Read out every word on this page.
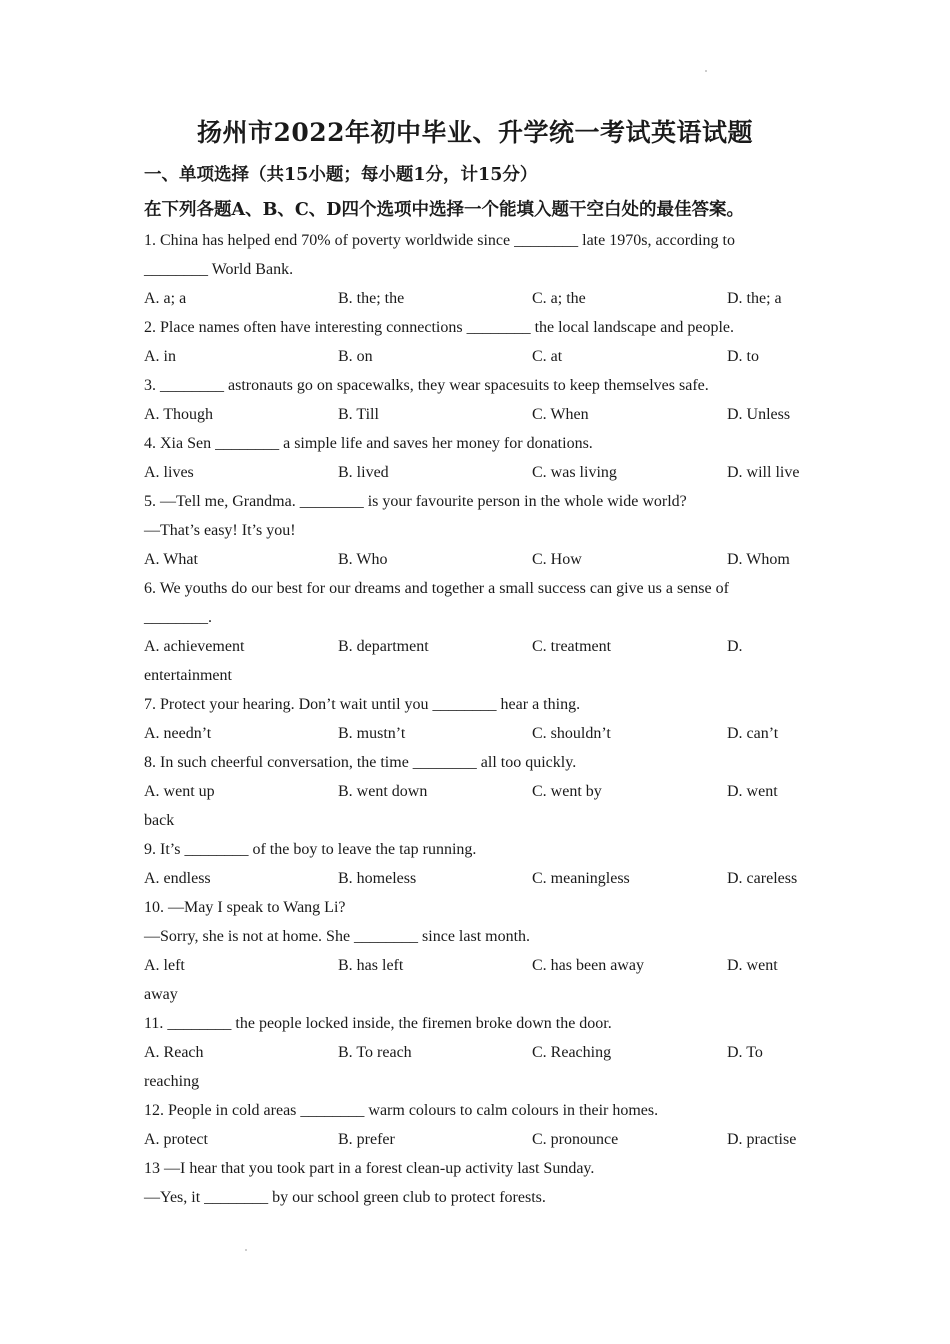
扬州市2022年初中毕业、升学统一考试英语试题
一、单项选择（共15小题；每小题1分，计15分）
在下列各题A、B、C、D四个选项中选择一个能填入题干空白处的最佳答案。
1. China has helped end 70% of poverty worldwide since ________ late 1970s, according to
________ World Bank.
A. a; a	B. the; the	C. a; the	D. the; a
2. Place names often have interesting connections ________ the local landscape and people.
A. in	B. on	C. at	D. to
3. ________ astronauts go on spacewalks, they wear spacesuits to keep themselves safe.
A. Though	B. Till	C. When	D. Unless
4. Xia Sen ________ a simple life and saves her money for donations.
A. lives	B. lived	C. was living	D. will live
5. —Tell me, Grandma. ________ is your favourite person in the whole wide world?
—That’s easy! It’s you!
A. What	B. Who	C. How	D. Whom
6. We youths do our best for our dreams and together a small success can give us a sense of
________.
A. achievement	B. department	C. treatment	D.
entertainment
7. Protect your hearing. Don’t wait until you ________ hear a thing.
A. needn’t	B. mustn’t	C. shouldn’t	D. can’t
8. In such cheerful conversation, the time ________ all too quickly.
A. went up	B. went down	C. went by	D. went
back
9. It’s ________ of the boy to leave the tap running.
A. endless	B. homeless	C. meaningless	D. careless
10. —May I speak to Wang Li?
—Sorry, she is not at home. She ________ since last month.
A. left	B. has left	C. has been away	D. went
away
11. ________ the people locked inside, the firemen broke down the door.
A. Reach	B. To reach	C. Reaching	D. To
reaching
12. People in cold areas ________ warm colours to calm colours in their homes.
A. protect	B. prefer	C. pronounce	D. practise
13 —I hear that you took part in a forest clean-up activity last Sunday.
—Yes, it ________ by our school green club to protect forests.
